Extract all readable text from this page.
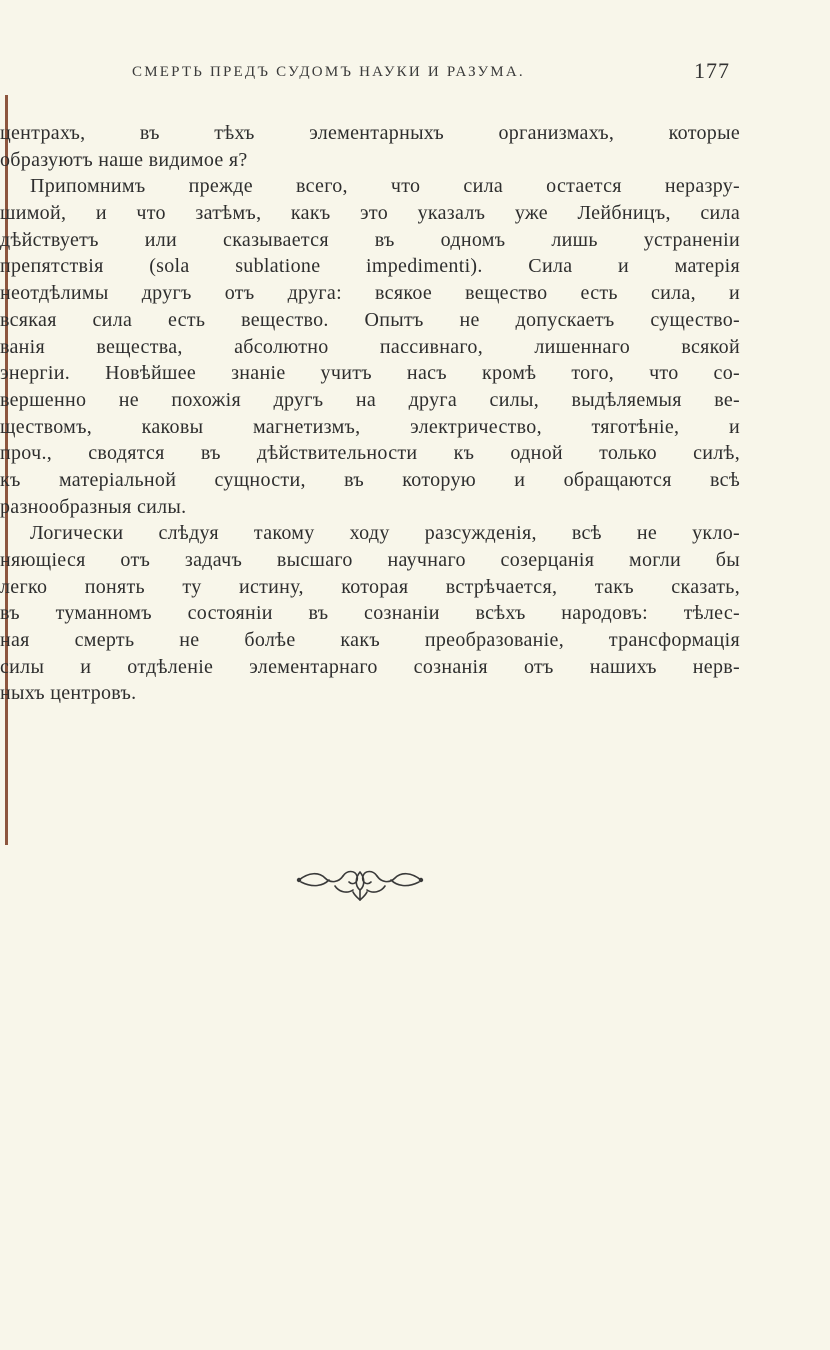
СМЕРТЬ ПРЕДЪ СУДОМЪ НАУКИ И РАЗУМА.	177
центрахъ, въ тѣхъ элементарныхъ организмахъ, которые
образуютъ наше видимое я?
Припомнимъ прежде всего, что сила остается неразру-
шимой, и что затѣмъ, какъ это указалъ уже Лейбницъ, сила
дѣйствуетъ или сказывается въ одномъ лишь устраненіи
препятствія (sola sublatione impedimenti). Сила и матерія
неотдѣлимы другъ отъ друга: всякое вещество есть сила, и
всякая сила есть вещество. Опытъ не допускаетъ существо-
ванія вещества, абсолютно пассивнаго, лишеннаго всякой
энергіи. Новѣйшее знаніе учитъ насъ кромѣ того, что со-
вершенно не похожія другъ на друга силы, выдѣляемыя ве-
ществомъ, каковы магнетизмъ, электричество, тяготѣніе, и
проч., сводятся въ дѣйствительности къ одной только силѣ,
къ матеріальной сущности, въ которую и обращаются всѣ
разнообразныя силы.
Логически слѣдуя такому ходу разсужденія, всѣ не укло-
няющіеся отъ задачъ высшаго научнаго созерцанія могли бы
легко понять ту истину, которая встрѣчается, такъ сказать,
въ туманномъ состояніи въ сознаніи всѣхъ народовъ: тѣлес-
ная смерть не болѣе какъ преобразованіе, трансформація
силы и отдѣленіе элементарнаго сознанія отъ нашихъ нерв-
ныхъ центровъ.
